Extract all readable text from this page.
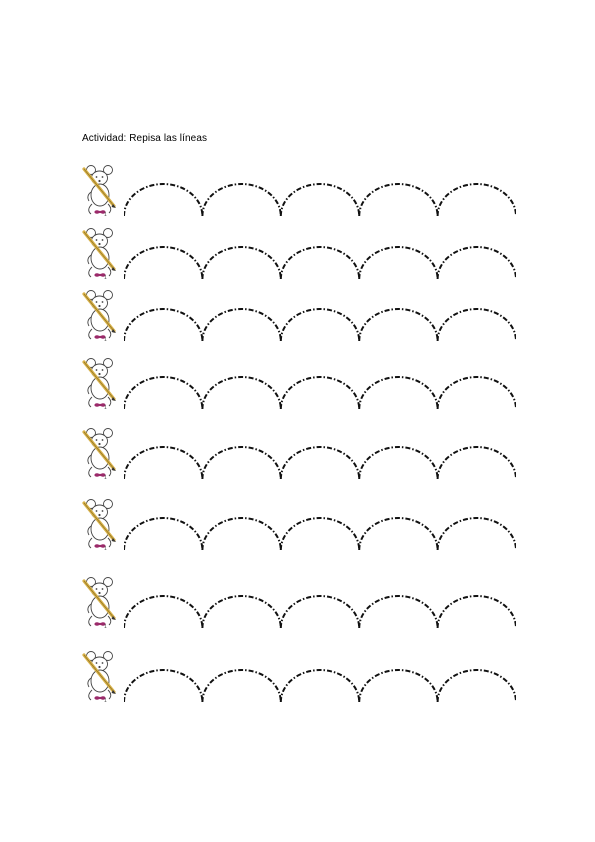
Actividad: Repisa las líneas
1
1
1
1
1
1
1
1
